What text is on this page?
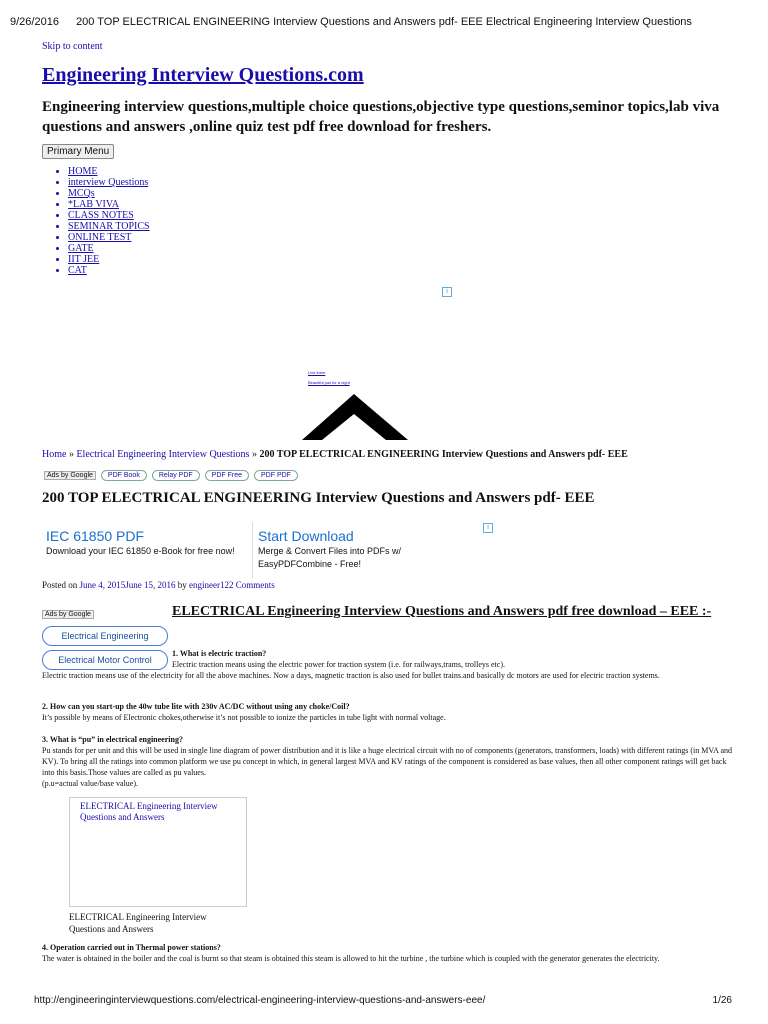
9/26/2016	200 TOP ELECTRICAL ENGINEERING Interview Questions and Answers pdf- EEE Electrical Engineering Interview Questions
Skip to content
Engineering Interview Questions.com
Engineering interview questions,multiple choice questions,objective type questions,seminor topics,lab viva questions and answers ,online quiz test pdf free download for freshers.
Primary Menu
• HOME
• interview Questions
• MCQs
• *LAB VIVA
• CLASS NOTES
• SEMINAR TOPICS
• ONLINE TEST
• GATE
• IIT JEE
• CAT
i
Live them
Beautiful just for a night
Home » Electrical Engineering Interview Questions » 200 TOP ELECTRICAL ENGINEERING Interview Questions and Answers pdf- EEE
Ads by Google	PDF Book	Relay PDF	PDF Free	PDF PDF
200 TOP ELECTRICAL ENGINEERING Interview Questions and Answers pdf- EEE
IEC 61850 PDF
Download your IEC 61850 e-Book for free now!
Start Download
Merge & Convert Files into PDFs w/ EasyPDFCombine - Free!
i
Posted on June 4, 2015June 15, 2016 by engineer122 Comments
Ads by Google
Electrical Engineering
Electrical Motor Control
ELECTRICAL Engineering Interview Questions and Answers pdf free download – EEE :-
1. What is electric traction?
Electric traction means using the electric power for traction system (i.e. for railways,trams, trolleys etc).
Electric traction means use of the electricity for all the above machines. Now a days, magnetic traction is also used for bullet trains.and basically dc motors are used for electric traction systems.
2. How can you start-up the 40w tube lite with 230v AC/DC without using any choke/Coil?
It’s possible by means of Electronic chokes,otherwise it’s not possible to ionize the particles in tube light with normal voltage.
3. What is “pu” in electrical engineering?
Pu stands for per unit and this will be used in single line diagram of power distribution and it is like a huge electrical circuit with no of components (generators, transformers, loads) with different ratings (in MVA and KV). To bring all the ratings into common platform we use pu concept in which, in general largest MVA and KV ratings of the component is considered as base values, then all other component ratings will get back into this basis.Those values are called as pu values.
(p.u=actual value/base value).
ELECTRICAL Engineering Interview Questions and Answers
ELECTRICAL Engineering Interview Questions and Answers
4. Operation carried out in Thermal power stations?
The water is obtained in the boiler and the coal is burnt so that steam is obtained this steam is allowed to hit the turbine , the turbine which is coupled with the generator generates the electricity.
http://engineeringinterviewquestions.com/electrical-engineering-interview-questions-and-answers-eee/	1/26
